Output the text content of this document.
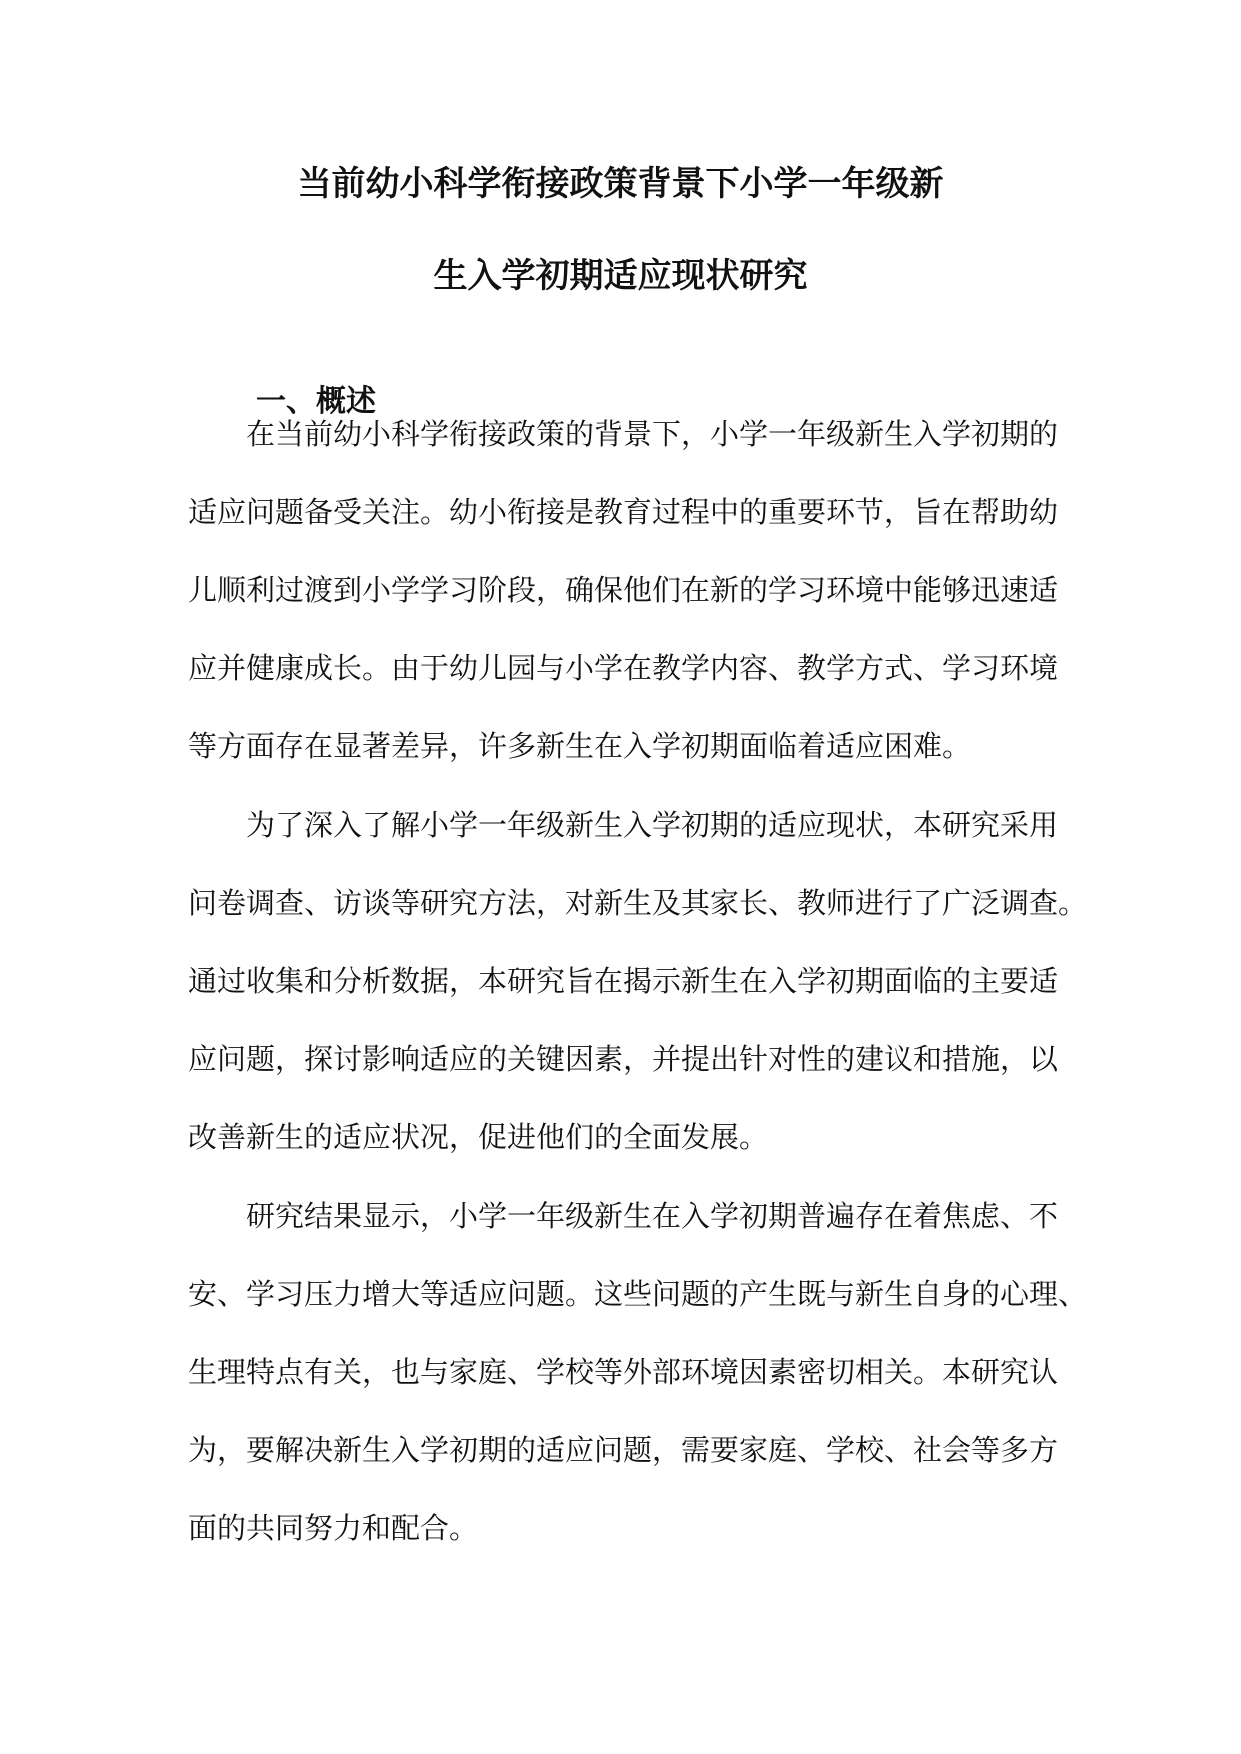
当前幼小科学衔接政策背景下小学一年级新
生入学初期适应现状研究
一、概述
在当前幼小科学衔接政策的背景下，小学一年级新生入学初期的
适应问题备受关注。幼小衔接是教育过程中的重要环节，旨在帮助幼
儿顺利过渡到小学学习阶段，确保他们在新的学习环境中能够迅速适
应并健康成长。由于幼儿园与小学在教学内容、教学方式、学习环境
等方面存在显著差异，许多新生在入学初期面临着适应困难。
为了深入了解小学一年级新生入学初期的适应现状，本研究采用
问卷调查、访谈等研究方法，对新生及其家长、教师进行了广泛调查。
通过收集和分析数据，本研究旨在揭示新生在入学初期面临的主要适
应问题，探讨影响适应的关键因素，并提出针对性的建议和措施，以
改善新生的适应状况，促进他们的全面发展。
研究结果显示，小学一年级新生在入学初期普遍存在着焦虑、不
安、学习压力增大等适应问题。这些问题的产生既与新生自身的心理、
生理特点有关，也与家庭、学校等外部环境因素密切相关。本研究认
为，要解决新生入学初期的适应问题，需要家庭、学校、社会等多方
面的共同努力和配合。
